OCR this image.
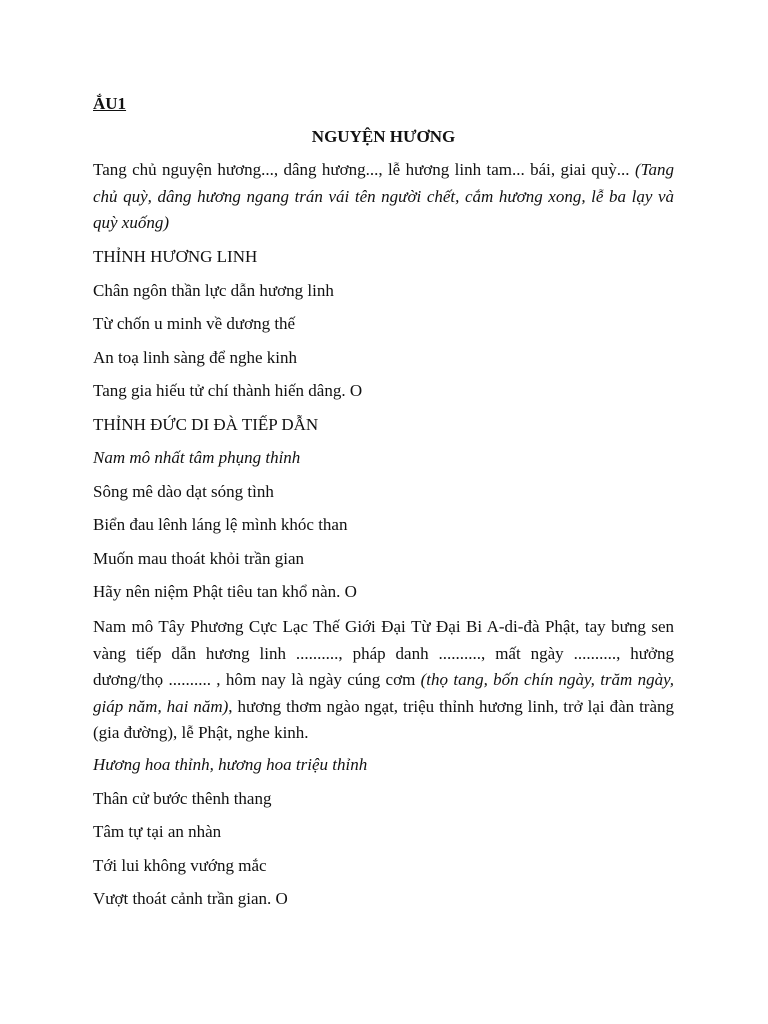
ẮU1
NGUYỆN HƯƠNG
Tang chủ nguyện hương..., dâng hương..., lễ hương linh tam... bái, giai quỳ... (Tang chủ quỳ, dâng hương ngang trán vái tên người chết, cắm hương xong, lễ ba lạy và quỳ xuống)
THỈNH HƯƠNG LINH
Chân ngôn thần lực dẫn hương linh
Từ chốn u minh về dương thế
An toạ linh sàng để nghe kinh
Tang gia hiếu tử chí thành hiến dâng. O
THỈNH ĐỨC DI ĐÀ TIẾP DẪN
Nam mô nhất tâm phụng thỉnh
Sông mê dào dạt sóng tình
Biển đau lênh láng lệ mình khóc than
Muốn mau thoát khỏi trần gian
Hãy nên niệm Phật tiêu tan khổ nàn. O
Nam mô Tây Phương Cực Lạc Thế Giới Đại Từ Đại Bi A-di-đà Phật, tay bưng sen vàng tiếp dẫn hương linh .........., pháp danh .........., mất ngày .........., hưởng dương/thọ .......... , hôm nay là ngày cúng cơm (thọ tang, bốn chín ngày, trăm ngày, giáp năm, hai năm), hương thơm ngào ngạt, triệu thỉnh hương linh, trở lại đàn tràng (gia đường), lễ Phật, nghe kinh.
Hương hoa thỉnh, hương hoa triệu thỉnh
Thân cử bước thênh thang
Tâm tự tại an nhàn
Tới lui không vướng mắc
Vượt thoát cảnh trần gian. O
